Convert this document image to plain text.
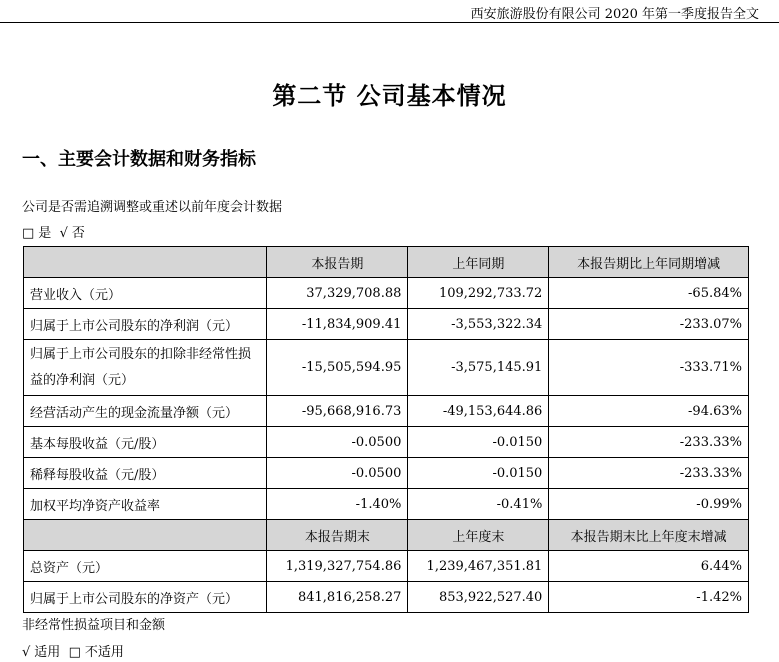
西安旅游股份有限公司 2020 年第一季度报告全文
第二节 公司基本情况
一、主要会计数据和财务指标
公司是否需追溯调整或重述以前年度会计数据
□ 是 √ 否
	本报告期	上年同期	本报告期比上年同期增减
营业收入（元）	37,329,708.88	109,292,733.72	-65.84%
归属于上市公司股东的净利润（元）	-11,834,909.41	-3,553,322.34	-233.07%
归属于上市公司股东的扣除非经常性损益的净利润（元）	-15,505,594.95	-3,575,145.91	-333.71%
经营活动产生的现金流量净额（元）	-95,668,916.73	-49,153,644.86	-94.63%
基本每股收益（元/股）	-0.0500	-0.0150	-233.33%
稀释每股收益（元/股）	-0.0500	-0.0150	-233.33%
加权平均净资产收益率	-1.40%	-0.41%	-0.99%
	本报告期末	上年度末	本报告期末比上年度末增减
总资产（元）	1,319,327,754.86	1,239,467,351.81	6.44%
归属于上市公司股东的净资产（元）	841,816,258.27	853,922,527.40	-1.42%
非经常性损益项目和金额
√ 适用 □ 不适用
